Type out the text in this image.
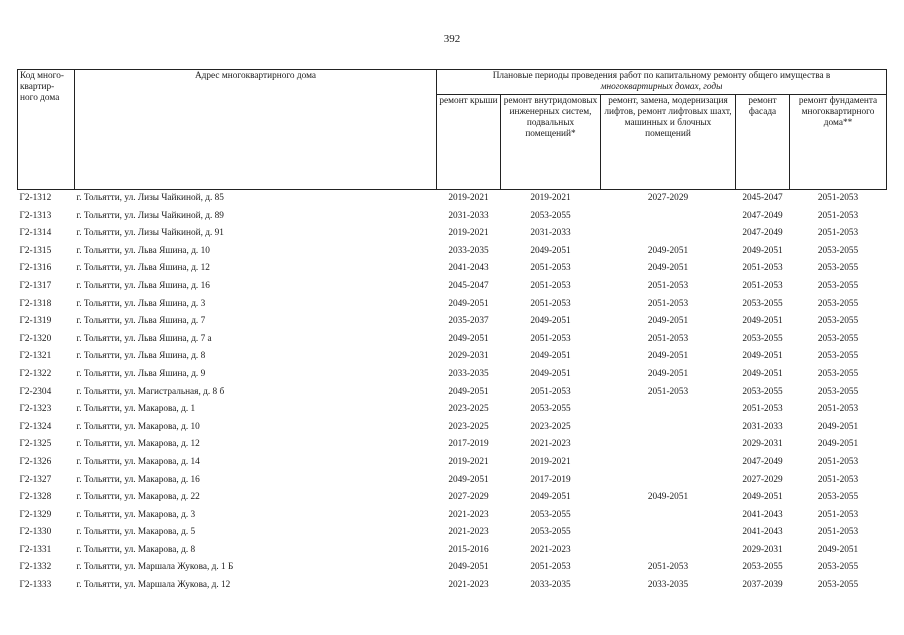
392
Код много-квартир-ного дома	Адрес многоквартирного дома	Плановые периоды проведения работ по капитальному ремонту общего имущества в
многоквартирных домах, годы				

		ремонт крыши	ремонт внутридомовых инженерных систем, подвальных помещений*	ремонт, замена, модернизация лифтов, ремонт лифтовых шахт, машинных и блочных помещений	ремонт фасада	ремонт фундамента многоквартирного дома**
Г2-1312	г. Тольятти, ул. Лизы Чайкиной, д. 85	2019-2021	2019-2021	2027-2029	2045-2047	2051-2053
Г2-1313	г. Тольятти, ул. Лизы Чайкиной, д. 89	2031-2033	2053-2055		2047-2049	2051-2053
Г2-1314	г. Тольятти, ул. Лизы Чайкиной, д. 91	2019-2021	2031-2033		2047-2049	2051-2053
Г2-1315	г. Тольятти, ул. Льва Яшина, д. 10	2033-2035	2049-2051	2049-2051	2049-2051	2053-2055
Г2-1316	г. Тольятти, ул. Льва Яшина, д. 12	2041-2043	2051-2053	2049-2051	2051-2053	2053-2055
Г2-1317	г. Тольятти, ул. Льва Яшина, д. 16	2045-2047	2051-2053	2051-2053	2051-2053	2053-2055
Г2-1318	г. Тольятти, ул. Льва Яшина, д. 3	2049-2051	2051-2053	2051-2053	2053-2055	2053-2055
Г2-1319	г. Тольятти, ул. Льва Яшина, д. 7	2035-2037	2049-2051	2049-2051	2049-2051	2053-2055
Г2-1320	г. Тольятти, ул. Льва Яшина, д. 7 а	2049-2051	2051-2053	2051-2053	2053-2055	2053-2055
Г2-1321	г. Тольятти, ул. Льва Яшина, д. 8	2029-2031	2049-2051	2049-2051	2049-2051	2053-2055
Г2-1322	г. Тольятти, ул. Льва Яшина, д. 9	2033-2035	2049-2051	2049-2051	2049-2051	2053-2055
Г2-2304	г. Тольятти, ул. Магистральная, д. 8 б	2049-2051	2051-2053	2051-2053	2053-2055	2053-2055
Г2-1323	г. Тольятти, ул. Макарова, д. 1	2023-2025	2053-2055		2051-2053	2051-2053
Г2-1324	г. Тольятти, ул. Макарова, д. 10	2023-2025	2023-2025		2031-2033	2049-2051
Г2-1325	г. Тольятти, ул. Макарова, д. 12	2017-2019	2021-2023		2029-2031	2049-2051
Г2-1326	г. Тольятти, ул. Макарова, д. 14	2019-2021	2019-2021		2047-2049	2051-2053
Г2-1327	г. Тольятти, ул. Макарова, д. 16	2049-2051	2017-2019		2027-2029	2051-2053
Г2-1328	г. Тольятти, ул. Макарова, д. 22	2027-2029	2049-2051	2049-2051	2049-2051	2053-2055
Г2-1329	г. Тольятти, ул. Макарова, д. 3	2021-2023	2053-2055		2041-2043	2051-2053
Г2-1330	г. Тольятти, ул. Макарова, д. 5	2021-2023	2053-2055		2041-2043	2051-2053
Г2-1331	г. Тольятти, ул. Макарова, д. 8	2015-2016	2021-2023		2029-2031	2049-2051
Г2-1332	г. Тольятти, ул. Маршала Жукова, д. 1 Б	2049-2051	2051-2053	2051-2053	2053-2055	2053-2055
Г2-1333	г. Тольятти, ул. Маршала Жукова, д. 12	2021-2023	2033-2035	2033-2035	2037-2039	2053-2055
